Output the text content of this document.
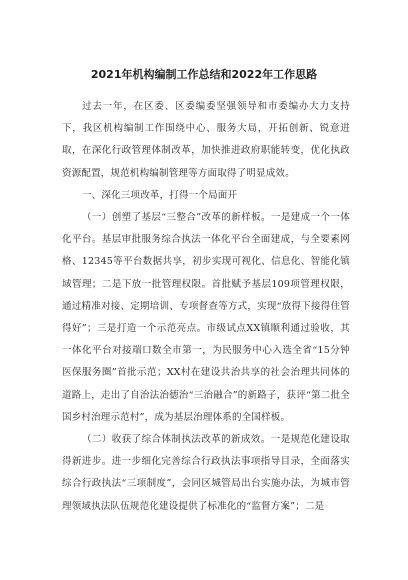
2021年机构编制工作总结和2022年工作思路

过去一年，在区委、区委编委坚强领导和市委编办大力支持下，我区机构编制工作围绕中心、服务大局，开拓创新、锐意进取，在深化行政管理体制改革，加快推进政府职能转变，优化执政资源配置，规范机构编制管理等方面取得了明显成效。

一、深化三项改革，打得一个局面开

（一）创塑了基层“三整合”改革的新样板。一是建成一个一体化平台。基层审批服务综合执法一体化平台全面建成，与全要素网格、12345等平台数据共享，初步实现可视化、信息化、智能化镇域管理；二是下放一批管理权限。首批赋予基层109项管理权限，通过精准对接、定期培训、专项督查等方式，实现“放得下接得住管得好”；三是打造一个示范亮点。市级试点XX镇顺利通过验收，其一体化平台对接端口数全市第一，为民服务中心入选全省“15分钟医保服务圈”首批示范；XX村在建设共治共享的社会治理共同体的道路上，走出了自治法治德治“三治融合”的新路子，获评“第二批全国乡村治理示范村”，成为基层治理体系的全国样板。

（二）收获了综合体制执法改革的新成效。一是规范化建设取得新进步。进一步细化完善综合行政执法事项指导目录，全面落实综合行政执法“三项制度”，会同区城管局出台实施办法，为城市管理领域执法队伍规范化建设提供了标准化的“监督方案”；二是
